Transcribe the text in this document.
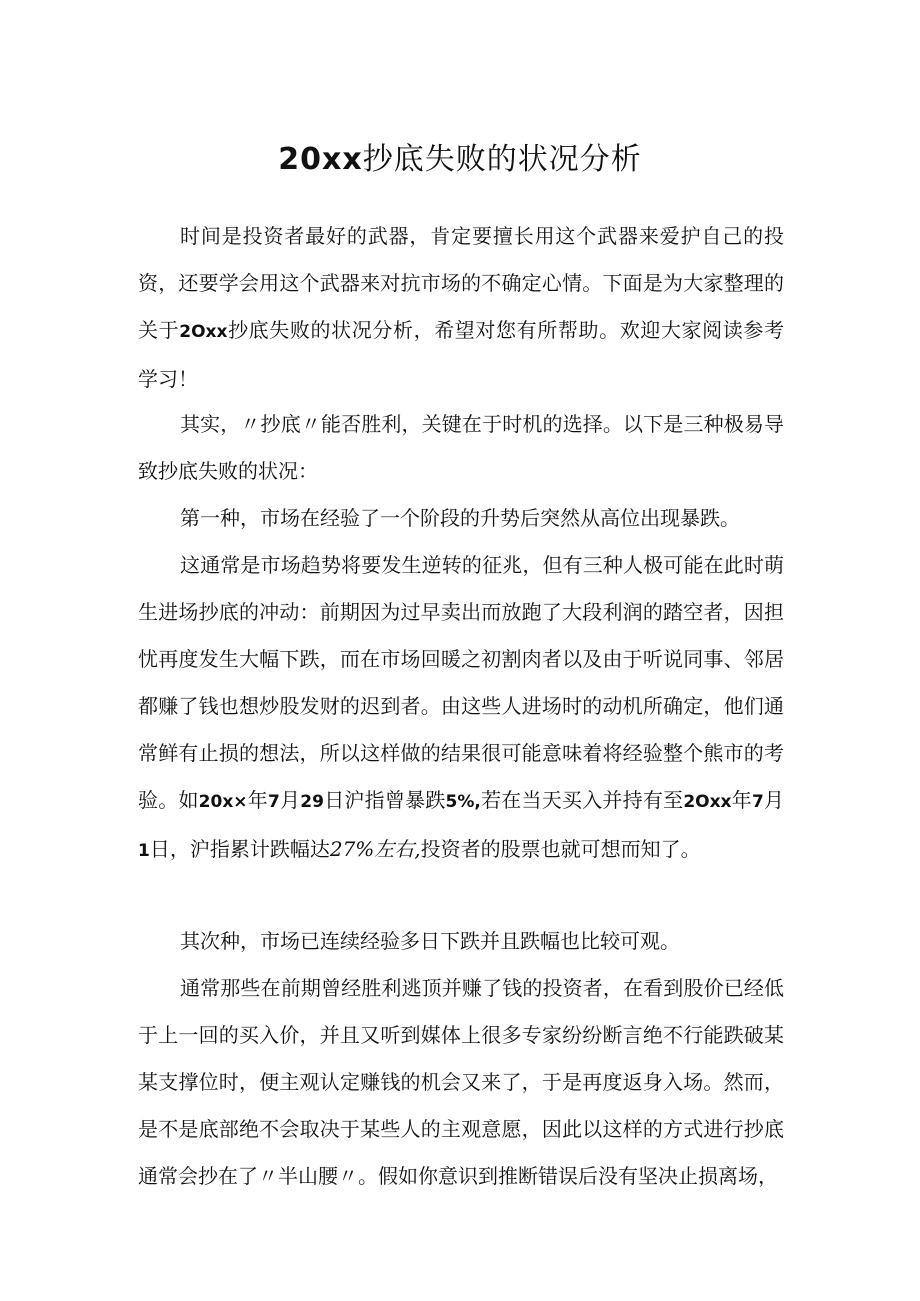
20xx抄底失败的状况分析

时间是投资者最好的武器，肯定要擅长用这个武器来爱护自己的投资，还要学会用这个武器来对抗市场的不确定心情。下面是为大家整理的关于2Oxx抄底失败的状况分析，希望对您有所帮助。欢迎大家阅读参考学习！

其实，〃抄底〃能否胜利，关键在于时机的选择。以下是三种极易导致抄底失败的状况：

第一种，市场在经验了一个阶段的升势后突然从高位出现暴跌。

这通常是市场趋势将要发生逆转的征兆，但有三种人极可能在此时萌生进场抄底的冲动：前期因为过早卖出而放跑了大段利润的踏空者，因担忧再度发生大幅下跌，而在市场回暖之初割肉者以及由于听说同事、邻居都赚了钱也想炒股发财的迟到者。由这些人进场时的动机所确定，他们通常鲜有止损的想法，所以这样做的结果很可能意味着将经验整个熊市的考验。如20x×年7月29日沪指曾暴跌5%,若在当天买入并持有至2Oxx年7月1日，沪指累计跌幅达27%左右,投资者的股票也就可想而知了。

其次种，市场已连续经验多日下跌并且跌幅也比较可观。

通常那些在前期曾经胜利逃顶并赚了钱的投资者，在看到股价已经低于上一回的买入价，并且又听到媒体上很多专家纷纷断言绝不行能跌破某某支撑位时，便主观认定赚钱的机会又来了，于是再度返身入场。然而，是不是底部绝不会取决于某些人的主观意愿，因此以这样的方式进行抄底通常会抄在了〃半山腰〃。假如你意识到推断错误后没有坚决止损离场，
